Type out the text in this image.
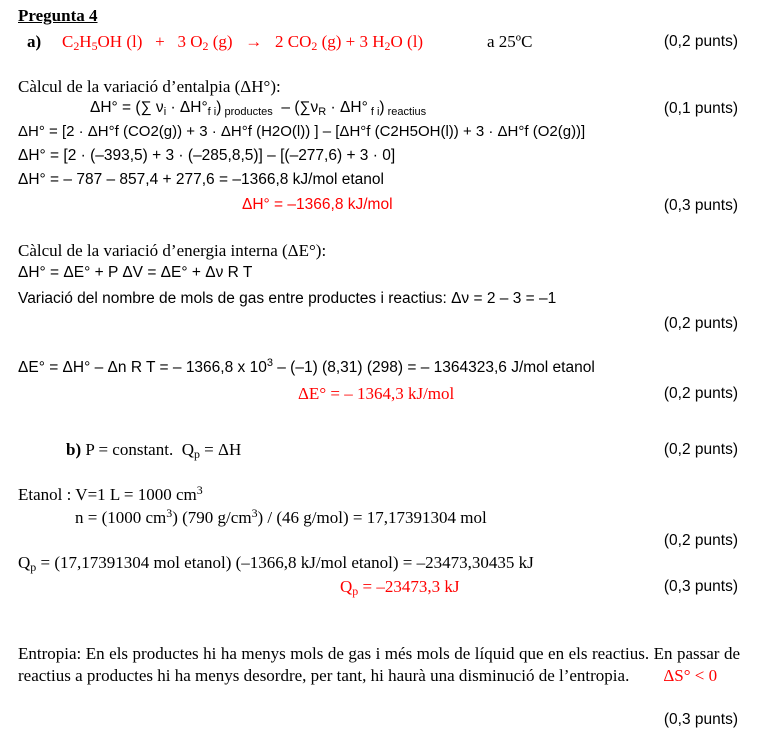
Pregunta 4
a) $C_2H_5OH$ (l)   +   3 $O_2$ (g)   →   2 $CO_2$ (g) + 3 $H_2O$ (l)	a 25ºC	(0,2 punts)
Càlcul de la variació d’entalpia (ΔH°):
ΔH° = (∑ $\nu_i \cdot \Delta H^\circ_{f i}$) $_{productes} - (\sum\nu_R \cdot \Delta H^\circ$ $_{f i}$) $_{reactius}$	(0,1 punts)
ΔH° = [2 · ΔH°f (CO2(g)) + 3 · ΔH°f (H2O(l)) ] – [ΔH°f (C2H5OH(l)) + 3 · ΔH°f (O2(g))]
ΔH° = [2 · (–393,5) + 3 · (–285,8,5)] – [(–277,6) + 3 · 0]
ΔH° = – 787 – 857,4 + 277,6 = –1366,8 kJ/mol etanol
ΔH° = –1366,8 kJ/mol	(0,3 punts)
Càlcul de la variació d’energia interna (ΔE°):
ΔH° = ΔE° + P ΔV = ΔE° + Δν R T
Variació del nombre de mols de gas entre productes i reactius: Δν = 2 – 3 = –1
(0,2 punts)
ΔE° = ΔH° – Δn R T = – 1366,8 x $10^3 - (-1)$ (8,31) (298) = – 1364323,6 J/mol etanol
ΔE° = – 1364,3 kJ/mol	(0,2 punts)
b) P = constant.  $Q_p = \Delta H$	(0,2 punts)
Etanol : V=1 L = 1000 $cm^3$
n = (1000 $cm^3$) (790 $g/cm^3) / (46$ g/mol) = 17,17391304 mol
(0,2 punts)
$Q_p = (17,17391304$ mol etanol) (–1366,8 kJ/mol etanol) = –23473,30435 kJ
$Q_p = -23473,3$ kJ	(0,3 punts)
Entropia: En els productes hi ha menys mols de gas i més mols de líquid que en els reactius. En passar de reactius a productes hi ha menys desordre, per tant, hi haurà una disminució de l’entropia. ΔS° < 0
(0,3 punts)
